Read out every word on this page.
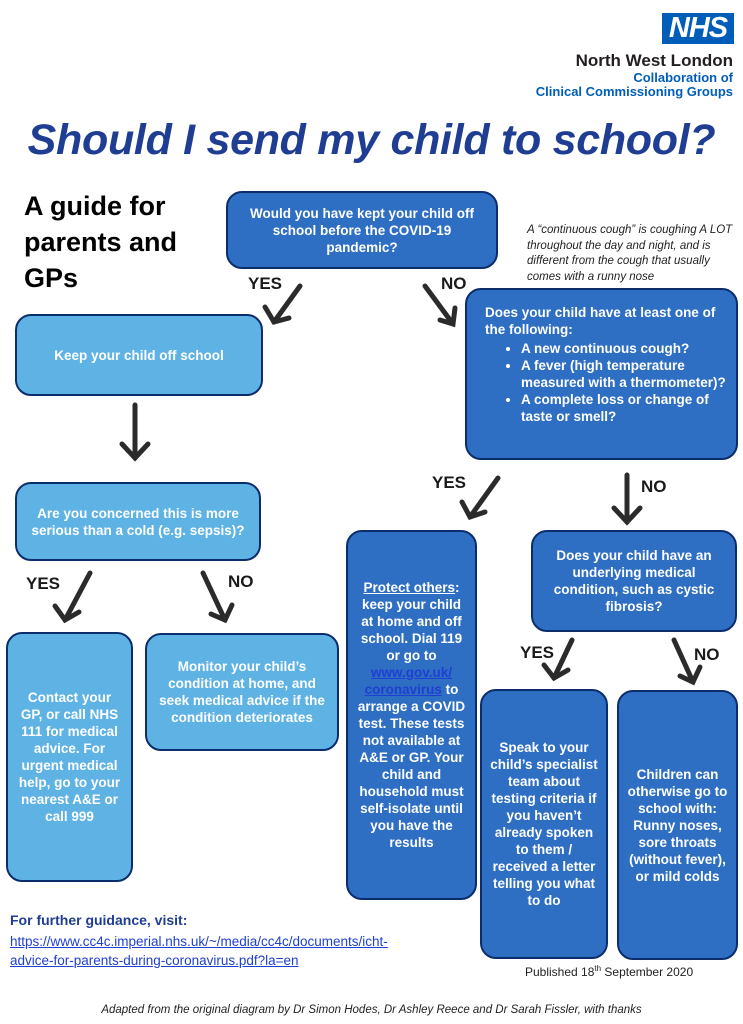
NHS
North West London
Collaboration of
Clinical Commissioning Groups
Should I send my child to school?
A guide for
parents and
GPs
A “continuous cough” is coughing A LOT throughout the day and night, and is different from the cough that usually comes with a runny nose
YES	NO
YES	NO
YES	NO
YES	NO
Would you have kept your child off school before the COVID-19 pandemic?
Keep your child off school
Does your child have at least one of the following:
• A new continuous cough?
• A fever (high temperature measured with a thermometer)?
• A complete loss or change of taste or smell?
Are you concerned this is more serious than a cold (e.g. sepsis)?
Contact your GP, or call NHS 111 for medical advice. For urgent medical help, go to your nearest A&E or call 999
Monitor your child’s condition at home, and seek medical advice if the condition deteriorates
Protect others: keep your child at home and off school. Dial 119 or go to www.gov.uk/ coronavirus to arrange a COVID test. These tests not available at A&E or GP. Your child and household must self-isolate until you have the results
Does your child have an underlying medical condition, such as cystic fibrosis?
Speak to your child’s specialist team about testing criteria if you haven’t already spoken to them / received a letter telling you what to do
Children can otherwise go to school with: Runny noses, sore throats (without fever), or mild colds
For further guidance, visit:
https://www.cc4c.imperial.nhs.uk/~/media/cc4c/documents/icht-
advice-for-parents-during-coronavirus.pdf?la=en
Published 18th September 2020
Adapted from the original diagram by Dr Simon Hodes, Dr Ashley Reece and Dr Sarah Fissler, with thanks
